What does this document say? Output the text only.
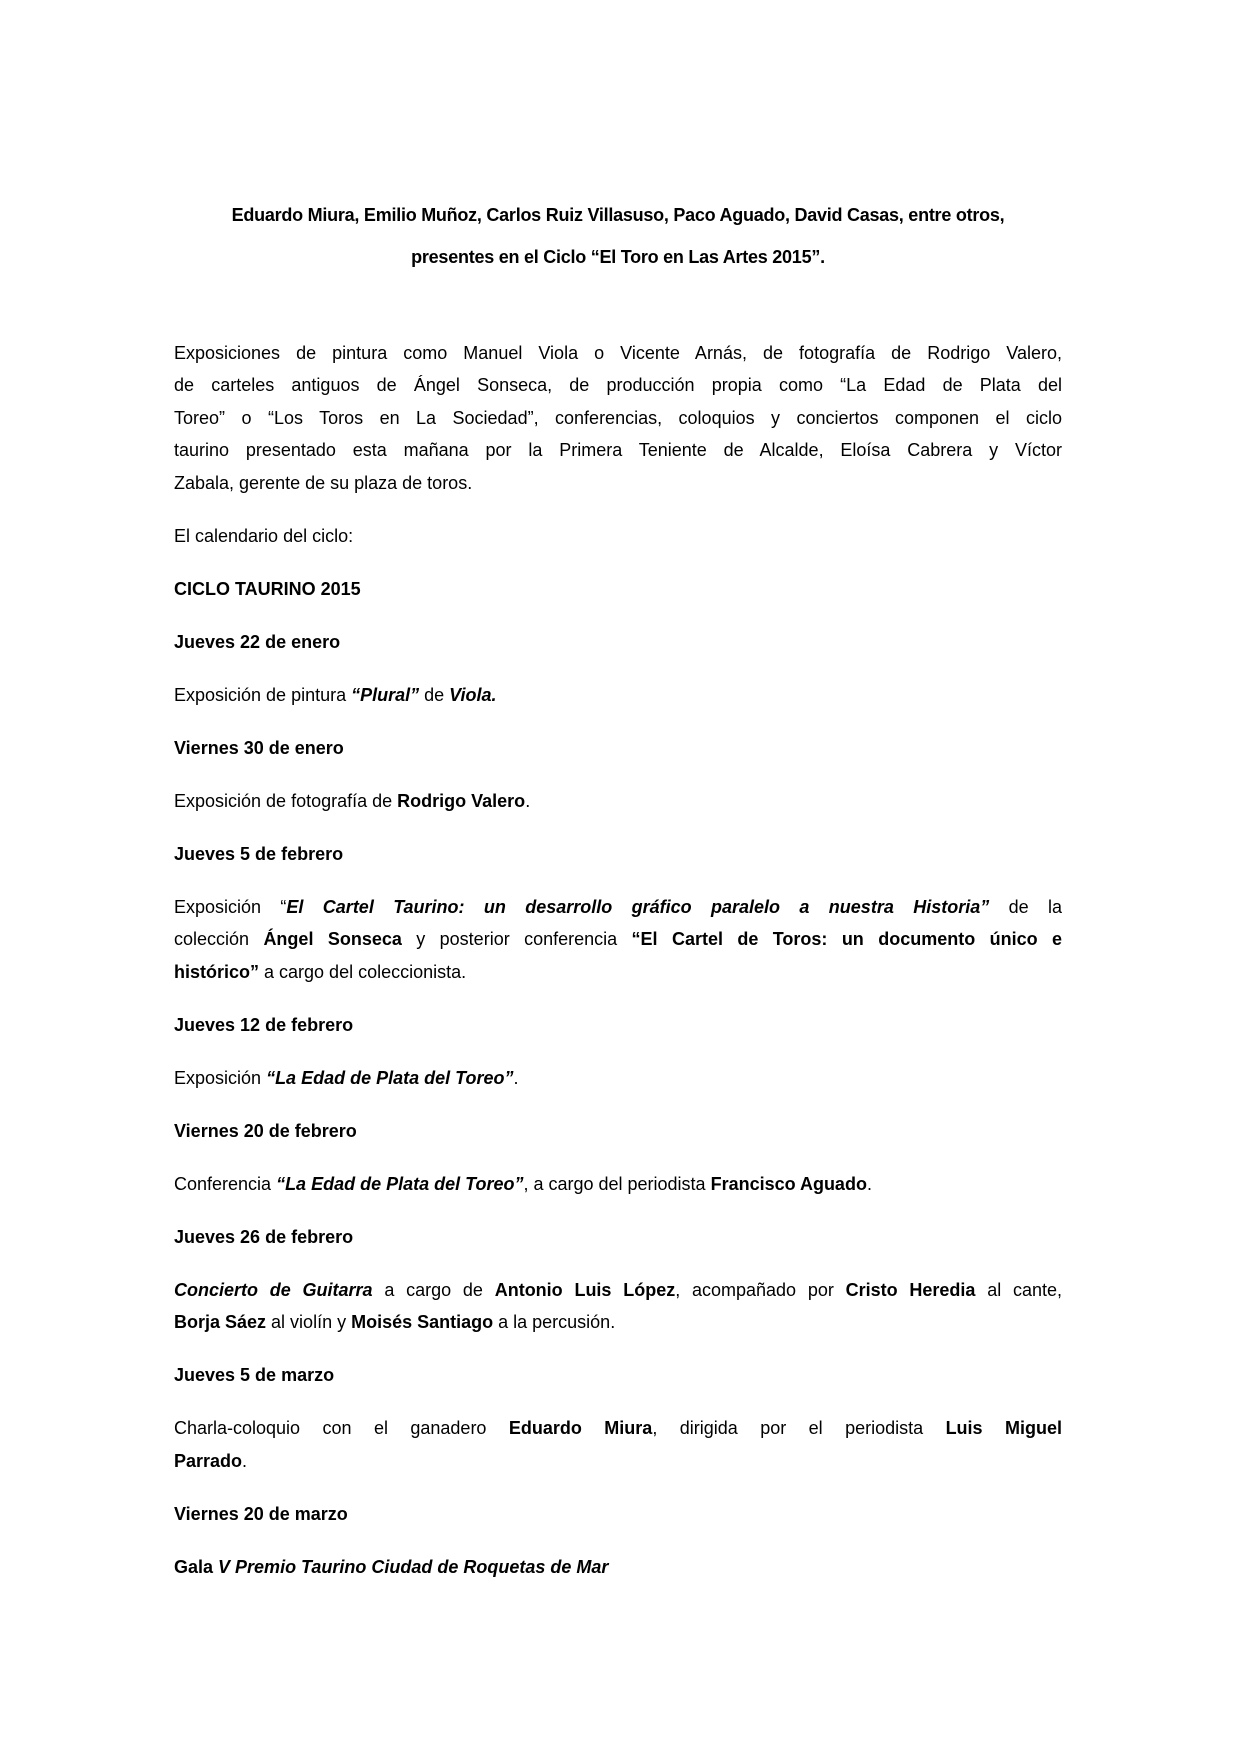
Eduardo Miura, Emilio Muñoz, Carlos Ruiz Villasuso, Paco Aguado, David Casas, entre otros,
presentes en el Ciclo “El Toro en Las Artes 2015”.
Exposiciones de pintura como Manuel Viola o Vicente Arnás, de fotografía de Rodrigo Valero,
de carteles antiguos de Ángel Sonseca, de producción propia como “La Edad de Plata del
Toreo” o “Los Toros en La Sociedad”, conferencias, coloquios y conciertos componen el ciclo
taurino presentado esta mañana por la Primera Teniente de Alcalde, Eloísa Cabrera y Víctor
Zabala, gerente de su plaza de toros.
El calendario del ciclo:
CICLO TAURINO 2015
Jueves 22 de enero
Exposición de pintura “Plural” de Viola.
Viernes 30 de enero
Exposición de fotografía de Rodrigo Valero.
Jueves 5 de febrero
Exposición “El Cartel Taurino: un desarrollo gráfico paralelo a nuestra Historia” de la
colección Ángel Sonseca y posterior conferencia “El Cartel de Toros: un documento único e
histórico” a cargo del coleccionista.
Jueves 12 de febrero
Exposición “La Edad de Plata del Toreo”.
Viernes 20 de febrero
Conferencia “La Edad de Plata del Toreo”, a cargo del periodista Francisco Aguado.
Jueves 26 de febrero
Concierto de Guitarra a cargo de Antonio Luis López, acompañado por Cristo Heredia al cante,
Borja Sáez al violín y Moisés Santiago a la percusión.
Jueves 5 de marzo
Charla-coloquio con el ganadero Eduardo Miura, dirigida por el periodista Luis Miguel
Parrado.
Viernes 20 de marzo
Gala V Premio Taurino Ciudad de Roquetas de Mar
